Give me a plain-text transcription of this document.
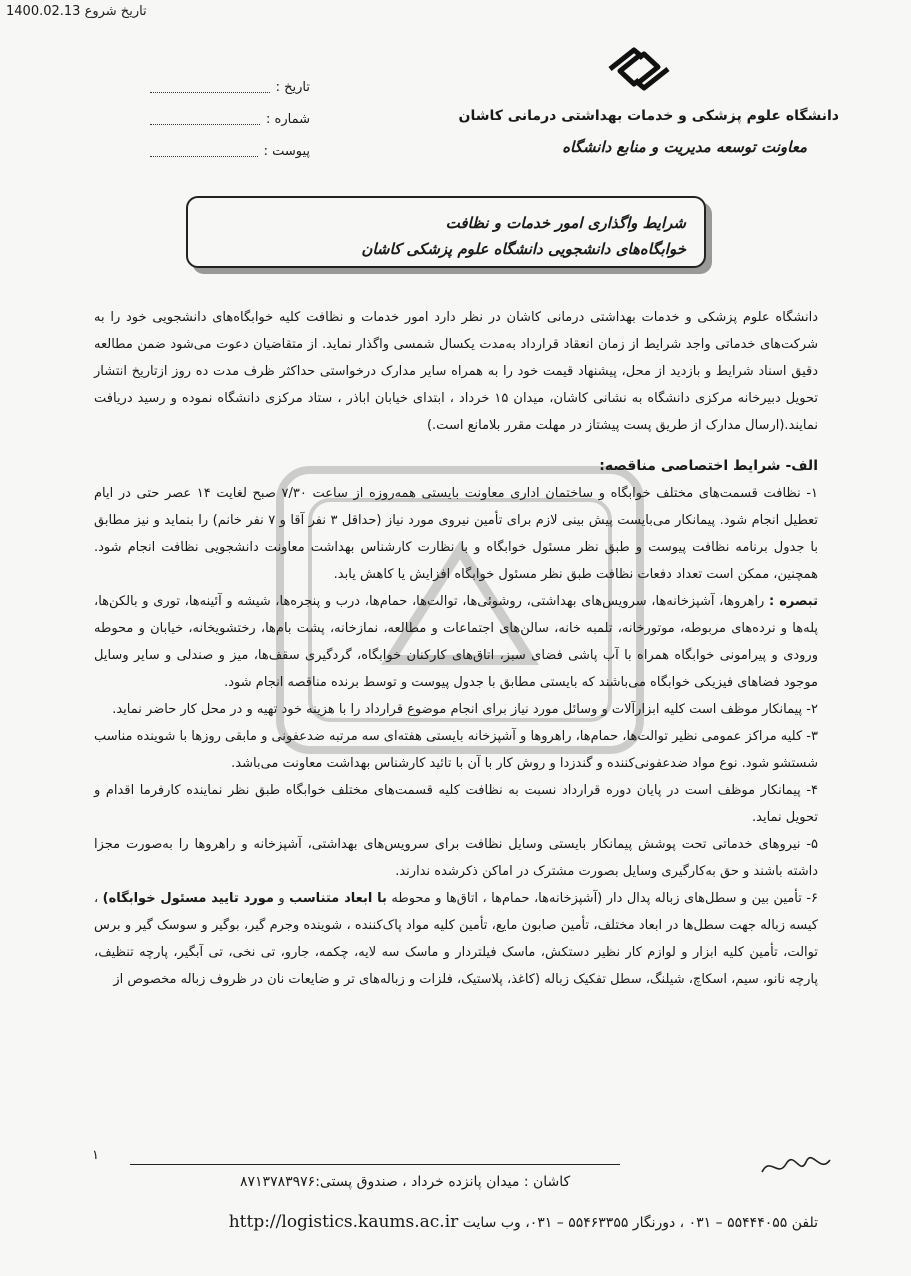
تاریخ شروع 1400.02.13
دانشگاه علوم پزشکی و خدمات بهداشتی درمانی کاشان
معاونت توسعه مدیریت و منابع دانشگاه
تاریخ :
شماره :
پیوست :
شرایط واگذاری امور خدمات و نظافت
خوابگاه‌های دانشجویی دانشگاه علوم پزشکی کاشان

دانشگاه علوم پزشکی و خدمات بهداشتی درمانی کاشان در نظر دارد امور خدمات و نظافت کلیه خوابگاه‌های دانشجویی خود را به شرکت‌های خدماتی واجد شرایط از زمان انعقاد قرارداد به‌مدت یکسال شمسی واگذار نماید. از متقاضیان دعوت می‌شود ضمن مطالعه دقیق اسناد شرایط و بازدید از محل، پیشنهاد قیمت خود را به همراه سایر مدارک درخواستی حداکثر ظرف مدت ده روز ازتاریخ انتشار تحویل دبیرخانه مرکزی دانشگاه به نشانی کاشان، میدان ۱۵ خرداد ، ابتدای خیابان اباذر ، ستاد مرکزی دانشگاه نموده و رسید دریافت نمایند.(ارسال مدارک از طریق پست پیشتاز در مهلت مقرر بلامانع است.)

الف- شرایط اختصاصی مناقصه:

۱- نظافت قسمت‌های مختلف خوابگاه و ساختمان اداری معاونت بایستی همه‌روزه از ساعت ۷/۳۰ صبح لغایت ۱۴ عصر حتی در ایام تعطیل انجام شود. پیمانکار می‌بایست پیش بینی لازم برای تأمین نیروی مورد نیاز (حداقل ۳ نفر آقا و ۷ نفر خانم) را بنماید و نیز مطابق با جدول برنامه نظافت پیوست و طبق نظر مسئول خوابگاه و با نظارت کارشناس بهداشت معاونت دانشجویی نظافت انجام شود. همچنین، ممکن است تعداد دفعات نظافت طبق نظر مسئول خوابگاه افزایش یا کاهش یابد.

تبصره : راهروها، آشپزخانه‌ها، سرویس‌های بهداشتی، روشوئی‌ها، توالت‌ها، حمام‌ها، درب و پنجره‌ها، شیشه و آئینه‌ها، توری و بالکن‌ها، پله‌ها و نرده‌های مربوطه، موتورخانه، تلمبه خانه، سالن‌های اجتماعات و مطالعه، نمازخانه، پشت بام‌ها، رختشویخانه، خیابان و محوطه ورودی و پیرامونی خوابگاه همراه با آب پاشی فضای سبز، اتاق‌های کارکنان خوابگاه، گردگیری سقف‌ها، میز و صندلی و سایر وسایل موجود فضاهای فیزیکی خوابگاه می‌باشند که بایستی مطابق با جدول پیوست و توسط برنده مناقصه انجام شود.

۲- پیمانکار موظف است کلیه ابزارآلات و وسائل مورد نیاز برای انجام موضوع قرارداد را با هزینه خود تهیه و در محل کار حاضر نماید.

۳- کلیه مراکز عمومی نظیر توالت‌ها، حمام‌ها، راهروها و آشپزخانه بایستی هفته‌ای سه مرتبه ضدعفونی و مابقی روزها با شوینده مناسب شستشو شود. نوع مواد ضدعفونی‌کننده و گندزدا و روش کار با آن با تائید کارشناس بهداشت معاونت می‌باشد.

۴- پیمانکار موظف است در پایان دوره قرارداد نسبت به نظافت کلیه قسمت‌های مختلف خوابگاه طبق نظر نماینده کارفرما اقدام و تحویل نماید.

۵- نیروهای خدماتی تحت پوشش پیمانکار بایستی وسایل نظافت برای سرویس‌های بهداشتی، آشپزخانه و راهروها را به‌صورت مجزا داشته باشند و حق به‌کارگیری وسایل بصورت مشترک در اماکن ذکرشده ندارند.

۶- تأمین بین و سطل‌های زباله پدال دار (آشپزخانه‌ها، حمام‌ها ، اتاق‌ها و محوطه با ابعاد متناسب و مورد تایید مسئول خوابگاه) ، کیسه زباله جهت سطل‌ها در ابعاد مختلف، تأمین صابون مایع، تأمین کلیه مواد پاک‌کننده ، شوینده وجرم گیر، بوگیر و سوسک گیر و برس توالت، تأمین کلیه ابزار و لوازم کار نظیر دستکش، ماسک فیلتردار و ماسک سه لایه، چکمه، جارو، تی نخی، تی آبگیر، پارچه تنظیف، پارچه نانو، سیم، اسکاچ، شیلنگ، سطل تفکیک زباله (کاغذ، پلاستیک، فلزات و زباله‌های تر و ضایعات نان در ظروف زباله مخصوص از

۱
کاشان : میدان پانزده خرداد ، صندوق پستی:۸۷۱۳۷۸۳۹۷۶
تلفن ۵۵۴۴۴۰۵۵ – ۰۳۱ ، دورنگار ۵۵۴۶۳۳۵۵ – ۰۳۱، وب سایت http://logistics.kaums.ac.ir
